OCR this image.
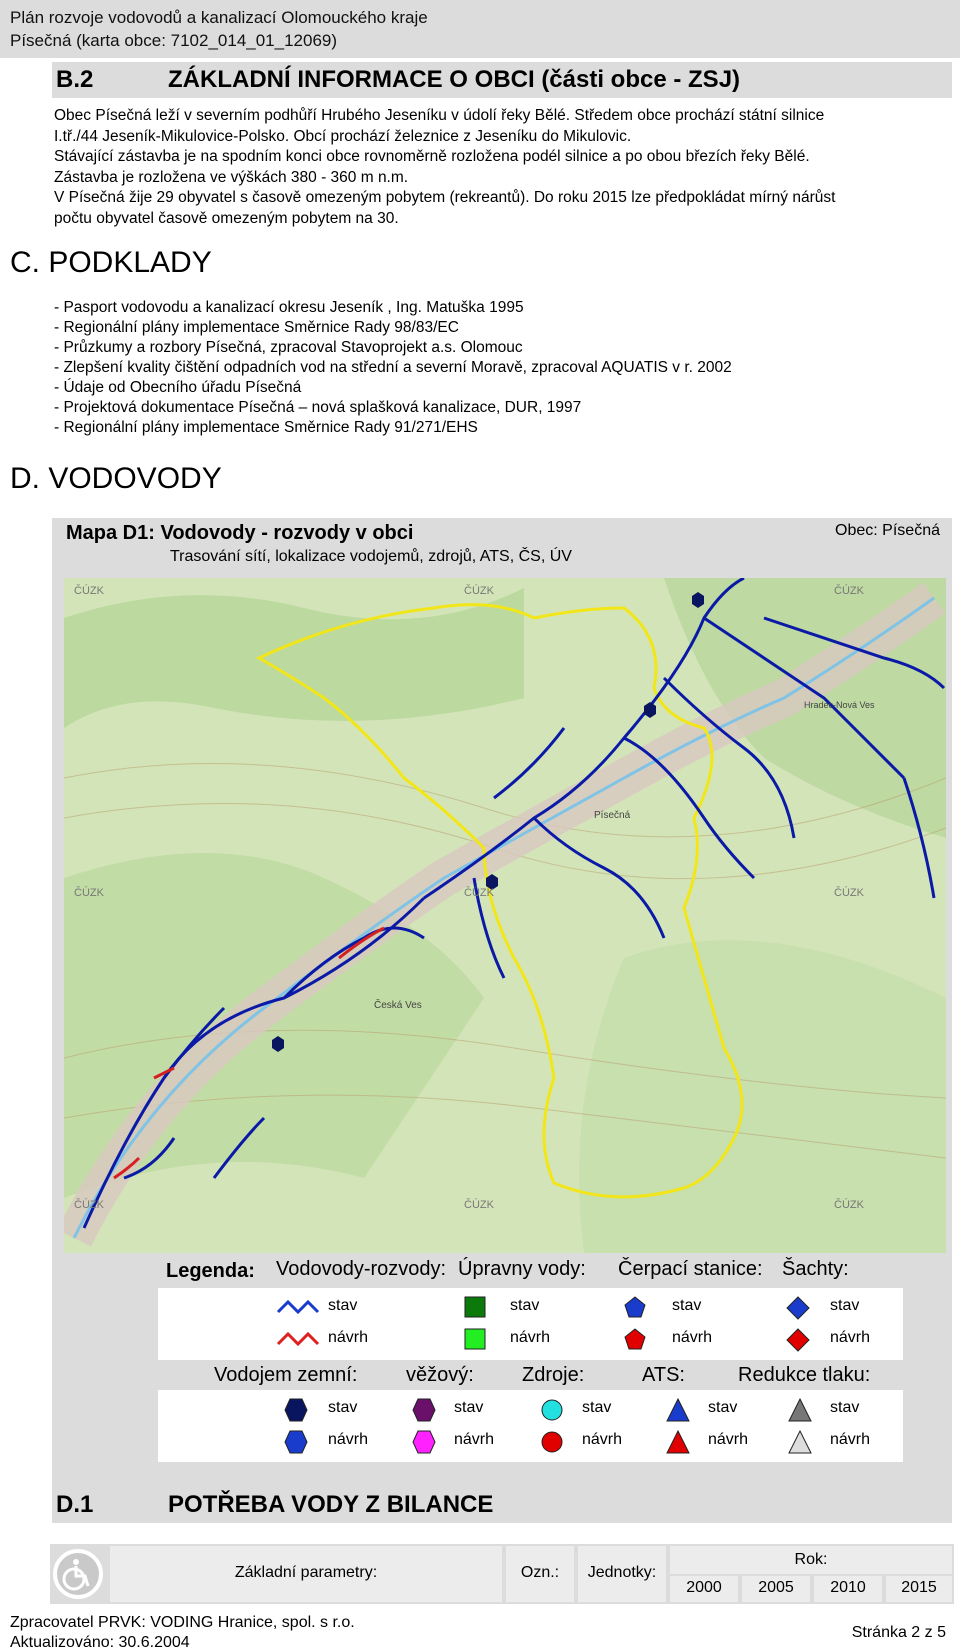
Plán rozvoje vodovodů a kanalizací Olomouckého kraje
Písečná (karta obce: 7102_014_01_12069)
B.2	ZÁKLADNÍ INFORMACE O OBCI (části obce - ZSJ)
Obec Písečná leží v severním podhůří Hrubého Jeseníku v údolí řeky Bělé. Středem obce prochází státní silnice
I.tř./44 Jeseník-Mikulovice-Polsko. Obcí prochází železnice z Jeseníku do Mikulovic.
Stávající zástavba je na spodním konci obce rovnoměrně rozložena podél silnice a po obou březích řeky Bělé.
Zástavba je rozložena ve výškách 380 - 360 m n.m.
V Písečná žije 29 obyvatel s časově omezeným pobytem (rekreantů). Do roku 2015 lze předpokládat mírný nárůst
počtu obyvatel časově omezeným pobytem na 30.
C. PODKLADY
- Pasport vodovodu a kanalizací okresu Jeseník , Ing. Matuška 1995
- Regionální plány implementace Směrnice Rady 98/83/EC
- Průzkumy a rozbory Písečná, zpracoval Stavoprojekt a.s. Olomouc
- Zlepšení kvality čištění odpadních vod na střední a severní Moravě, zpracoval AQUATIS v r. 2002
- Údaje od Obecního úřadu Písečná
- Projektová dokumentace Písečná – nová splašková kanalizace, DUR, 1997
- Regionální plány implementace Směrnice Rady 91/271/EHS
D. VODOVODY
Mapa D1: Vodovody - rozvody v obci
Trasování sítí, lokalizace vodojemů, zdrojů, ATS, ČS, ÚV
Obec: Písečná
ČÚZK	ČÚZK	ČÚZK
ČÚZK	ČÚZK	ČÚZK
ČÚZK	ČÚZK	ČÚZK
Písečná
Česká Ves
Hradec-Nová Ves
Legenda: Vodovody-rozvody: Úpravny vody: Čerpací stanice: Šachty:
stav
návrh
stav
návrh
stav
návrh
stav
návrh
Vodojem zemní: věžový: Zdroje:	ATS:	Redukce tlaku:
stav
návrh
stav
návrh
stav
návrh
stav
návrh
stav
návrh
D.1	POTŘEBA VODY Z BILANCE
Základní parametry:	Ozn.:	Jednotky:
Rok:
2000	2005	2010	2015
Zpracovatel PRVK: VODING Hranice, spol. s r.o.
Aktualizováno: 30.6.2004
Stránka 2 z 5
